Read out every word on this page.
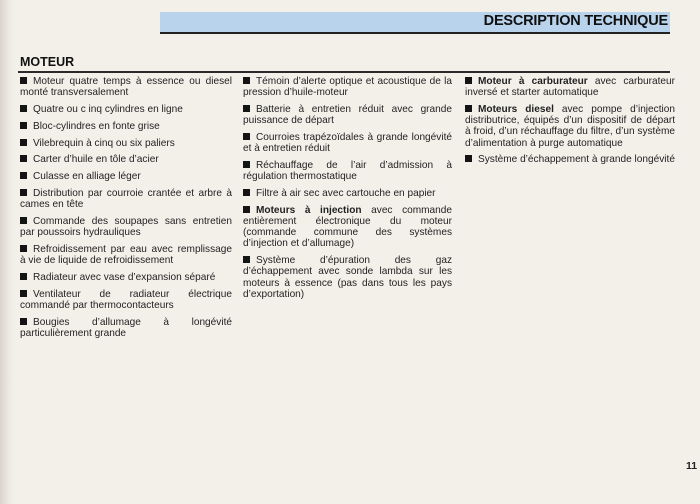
DESCRIPTION TECHNIQUE
MOTEUR
Moteur quatre temps à essence ou diesel monté transversalement
Quatre ou c inq cylindres en ligne
Bloc-cylindres en fonte grise
Vilebrequin à cinq ou six paliers
Carter d’huile en tôle d’acier
Culasse en alliage léger
Distribution par courroie crantée et arbre à cames en tête
Commande des soupapes sans entretien par poussoirs hydrauliques
Refroidissement par eau avec remplissage à vie de liquide de refroidissement
Radiateur avec vase d’expansion séparé
Ventilateur de radiateur électrique commandé par thermocontacteurs
Bougies d’allumage à longévité particulièrement grande
Témoin d’alerte optique et acoustique de la pression d’huile-moteur
Batterie à entretien réduit avec grande puissance de départ
Courroies trapézoïdales à grande longévité et à entretien réduit
Réchauffage de l’air d’admission à régulation thermostatique
Filtre à air sec avec cartouche en papier
Moteurs à injection avec commande entièrement électronique du moteur (commande commune des systèmes d’injection et d’allumage)
Système d’épuration des gaz d’échappement avec sonde lambda sur les moteurs à essence (pas dans tous les pays d’exportation)
Moteur à carburateur avec carburateur inversé et starter automatique
Moteurs diesel avec pompe d’injection distributrice, équipés d’un dispositif de départ à froid, d’un réchauffage du filtre, d’un système d’alimentation à purge automatique
Système d’échappement à grande longévité
11
